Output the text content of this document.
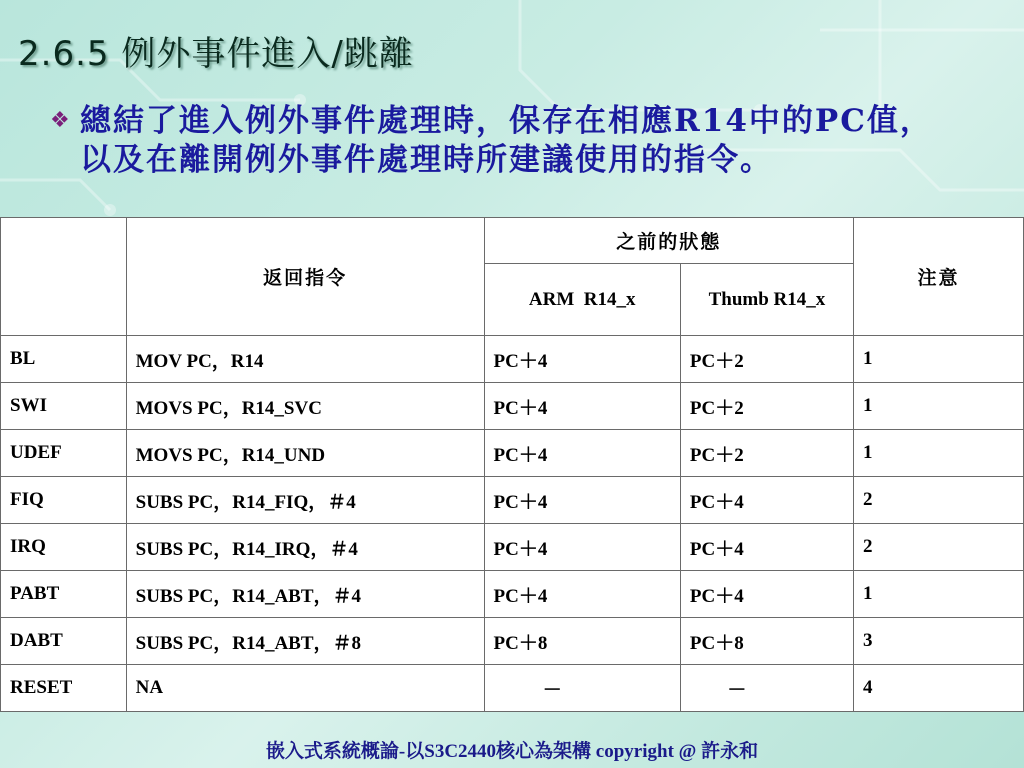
2.6.5 例外事件進入/跳離
❖ 總結了進入例外事件處理時，保存在相應R14中的PC值，以及在離開例外事件處理時所建議使用的指令。

	返回指令	之前的狀態		注意
		ARM  R14_x	Thumb R14_x	
BL	MOV PC，R14	PC＋4	PC＋2	1
SWI	MOVS PC，R14_SVC	PC＋4	PC＋2	1
UDEF	MOVS PC，R14_UND	PC＋4	PC＋2	1
FIQ	SUBS PC，R14_FIQ，＃4	PC＋4	PC＋4	2
IRQ	SUBS PC，R14_IRQ，＃4	PC＋4	PC＋4	2
PABT	SUBS PC，R14_ABT，＃4	PC＋4	PC＋4	1
DABT	SUBS PC，R14_ABT，＃8	PC＋8	PC＋8	3
RESET	NA	－	－	4
嵌入式系統概論-以S3C2440核心為架構 copyright @ 許永和
